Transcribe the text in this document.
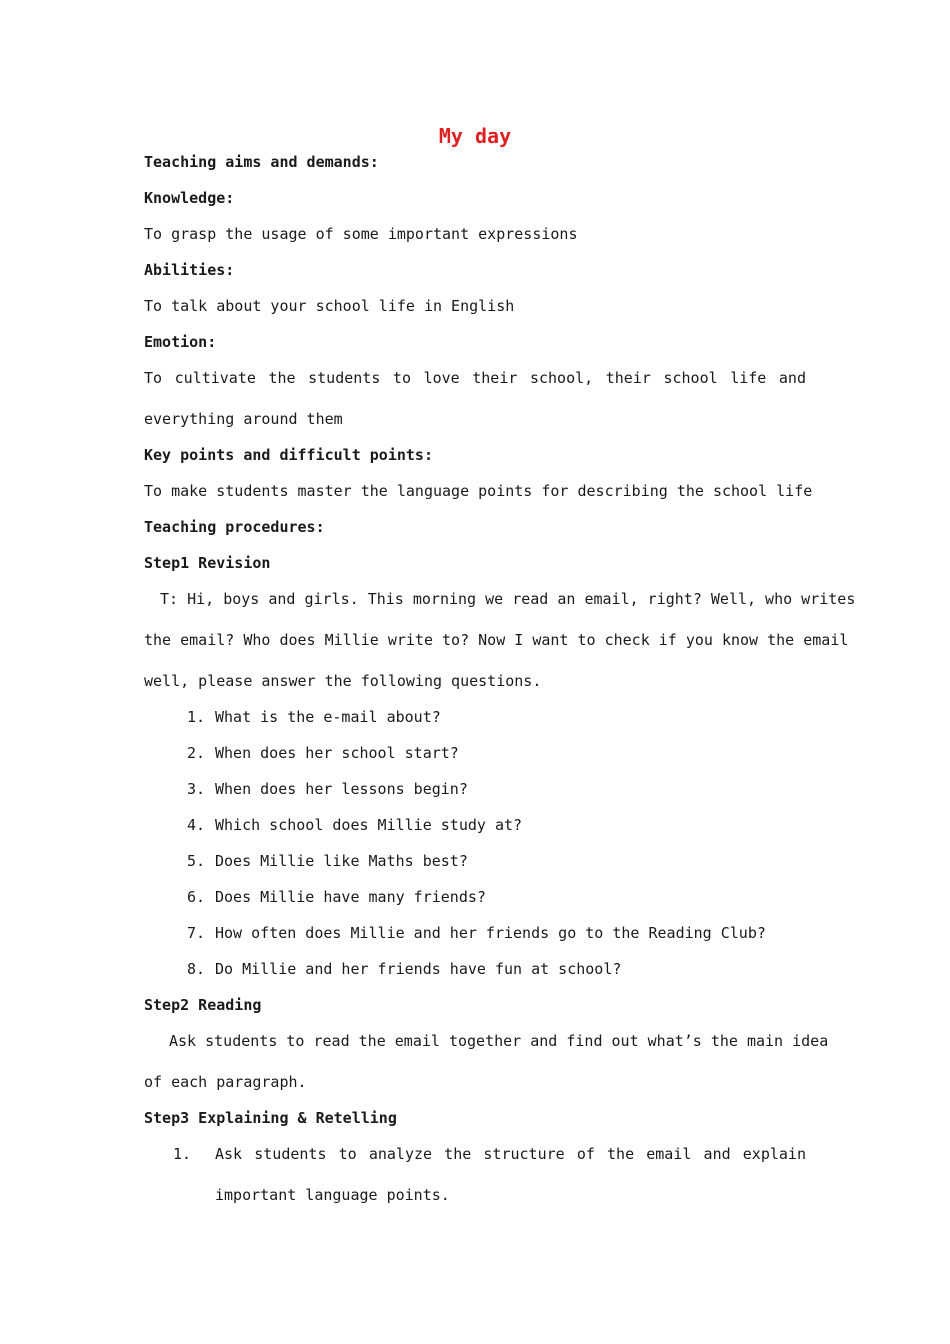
My day
Teaching aims and demands:
Knowledge:
To grasp the usage of some important expressions
Abilities:
To talk about your school life in English
Emotion:
To cultivate the students to love their school, their school life and
everything around them
Key points and difficult points:
To make students master the language points for describing the school life
Teaching procedures:
Step1 Revision
T: Hi, boys and girls. This morning we read an email, right? Well, who writes
the email? Who does Millie write to? Now I want to check if you know the email
well, please answer the following questions.
1. What is the e-mail about?
2. When does her school start?
3. When does her lessons begin?
4. Which school does Millie study at?
5. Does Millie like Maths best?
6. Does Millie have many friends?
7. How often does Millie and her friends go to the Reading Club?
8. Do Millie and her friends have fun at school?
Step2 Reading
Ask students to read the email together and find out what’s the main idea
of each paragraph.
Step3 Explaining & Retelling
1. Ask students to analyze the structure of the email and explain
important language points.
